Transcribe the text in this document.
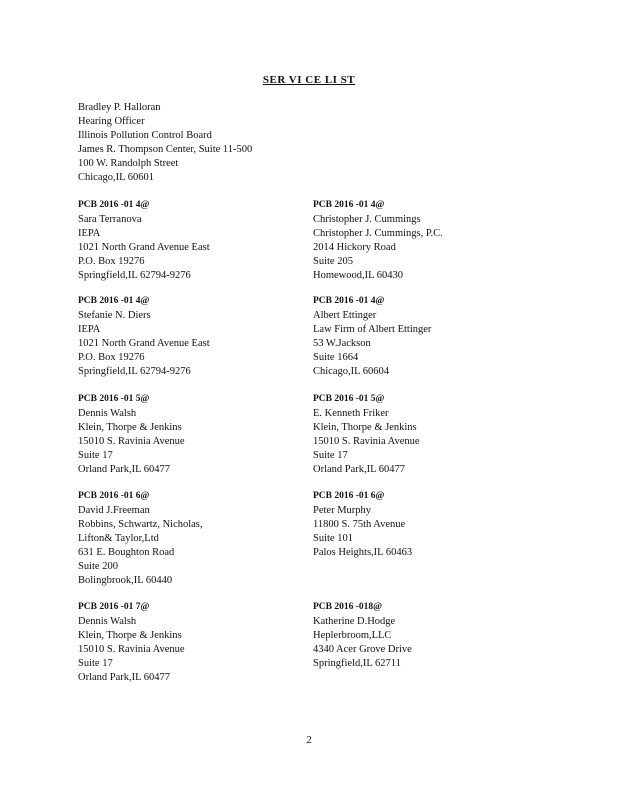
SER VI CE LI ST
Bradley P. Halloran
Hearing Officer
Illinois Pollution Control Board
James R. Thompson Center, Suite 11-500
100 W. Randolph Street
Chicago,IL 60601
PCB 2016 -01 4@
Sara Terranova
IEPA
1021 North Grand Avenue East
P.O. Box 19276
Springfield,IL 62794-9276
PCB 2016 -01 4@
Christopher J. Cummings
Christopher J. Cummings, P.C.
2014 Hickory Road
Suite 205
Homewood,IL 60430
PCB 2016 -01 4@
Stefanie N. Diers
IEPA
1021 North Grand Avenue East
P.O. Box 19276
Springfield,IL 62794-9276
PCB 2016 -01 4@
Albert Ettinger
Law Firm of Albert Ettinger
53 W.Jackson
Suite 1664
Chicago,IL 60604
PCB 2016 -01 5@
Dennis Walsh
Klein, Thorpe & Jenkins
15010 S. Ravinia Avenue
Suite 17
Orland Park,IL 60477
PCB 2016 -01 5@
E. Kenneth Friker
Klein, Thorpe & Jenkins
15010 S. Ravinia Avenue
Suite 17
Orland Park,IL 60477
PCB 2016 -01 6@
David J.Freeman
Robbins, Schwartz, Nicholas,
Lifton& Taylor,Ltd
631 E. Boughton Road
Suite 200
Bolingbrook,IL 60440
PCB 2016 -01 6@
Peter Murphy
11800 S. 75th Avenue
Suite 101
Palos Heights,IL 60463
PCB 2016 -01 7@
Dennis Walsh
Klein, Thorpe & Jenkins
15010 S. Ravinia Avenue
Suite 17
Orland Park,IL 60477
PCB 2016 -018@
Katherine D.Hodge
Heplerbroom,LLC
4340 Acer Grove Drive
Springfield,IL 62711
2
